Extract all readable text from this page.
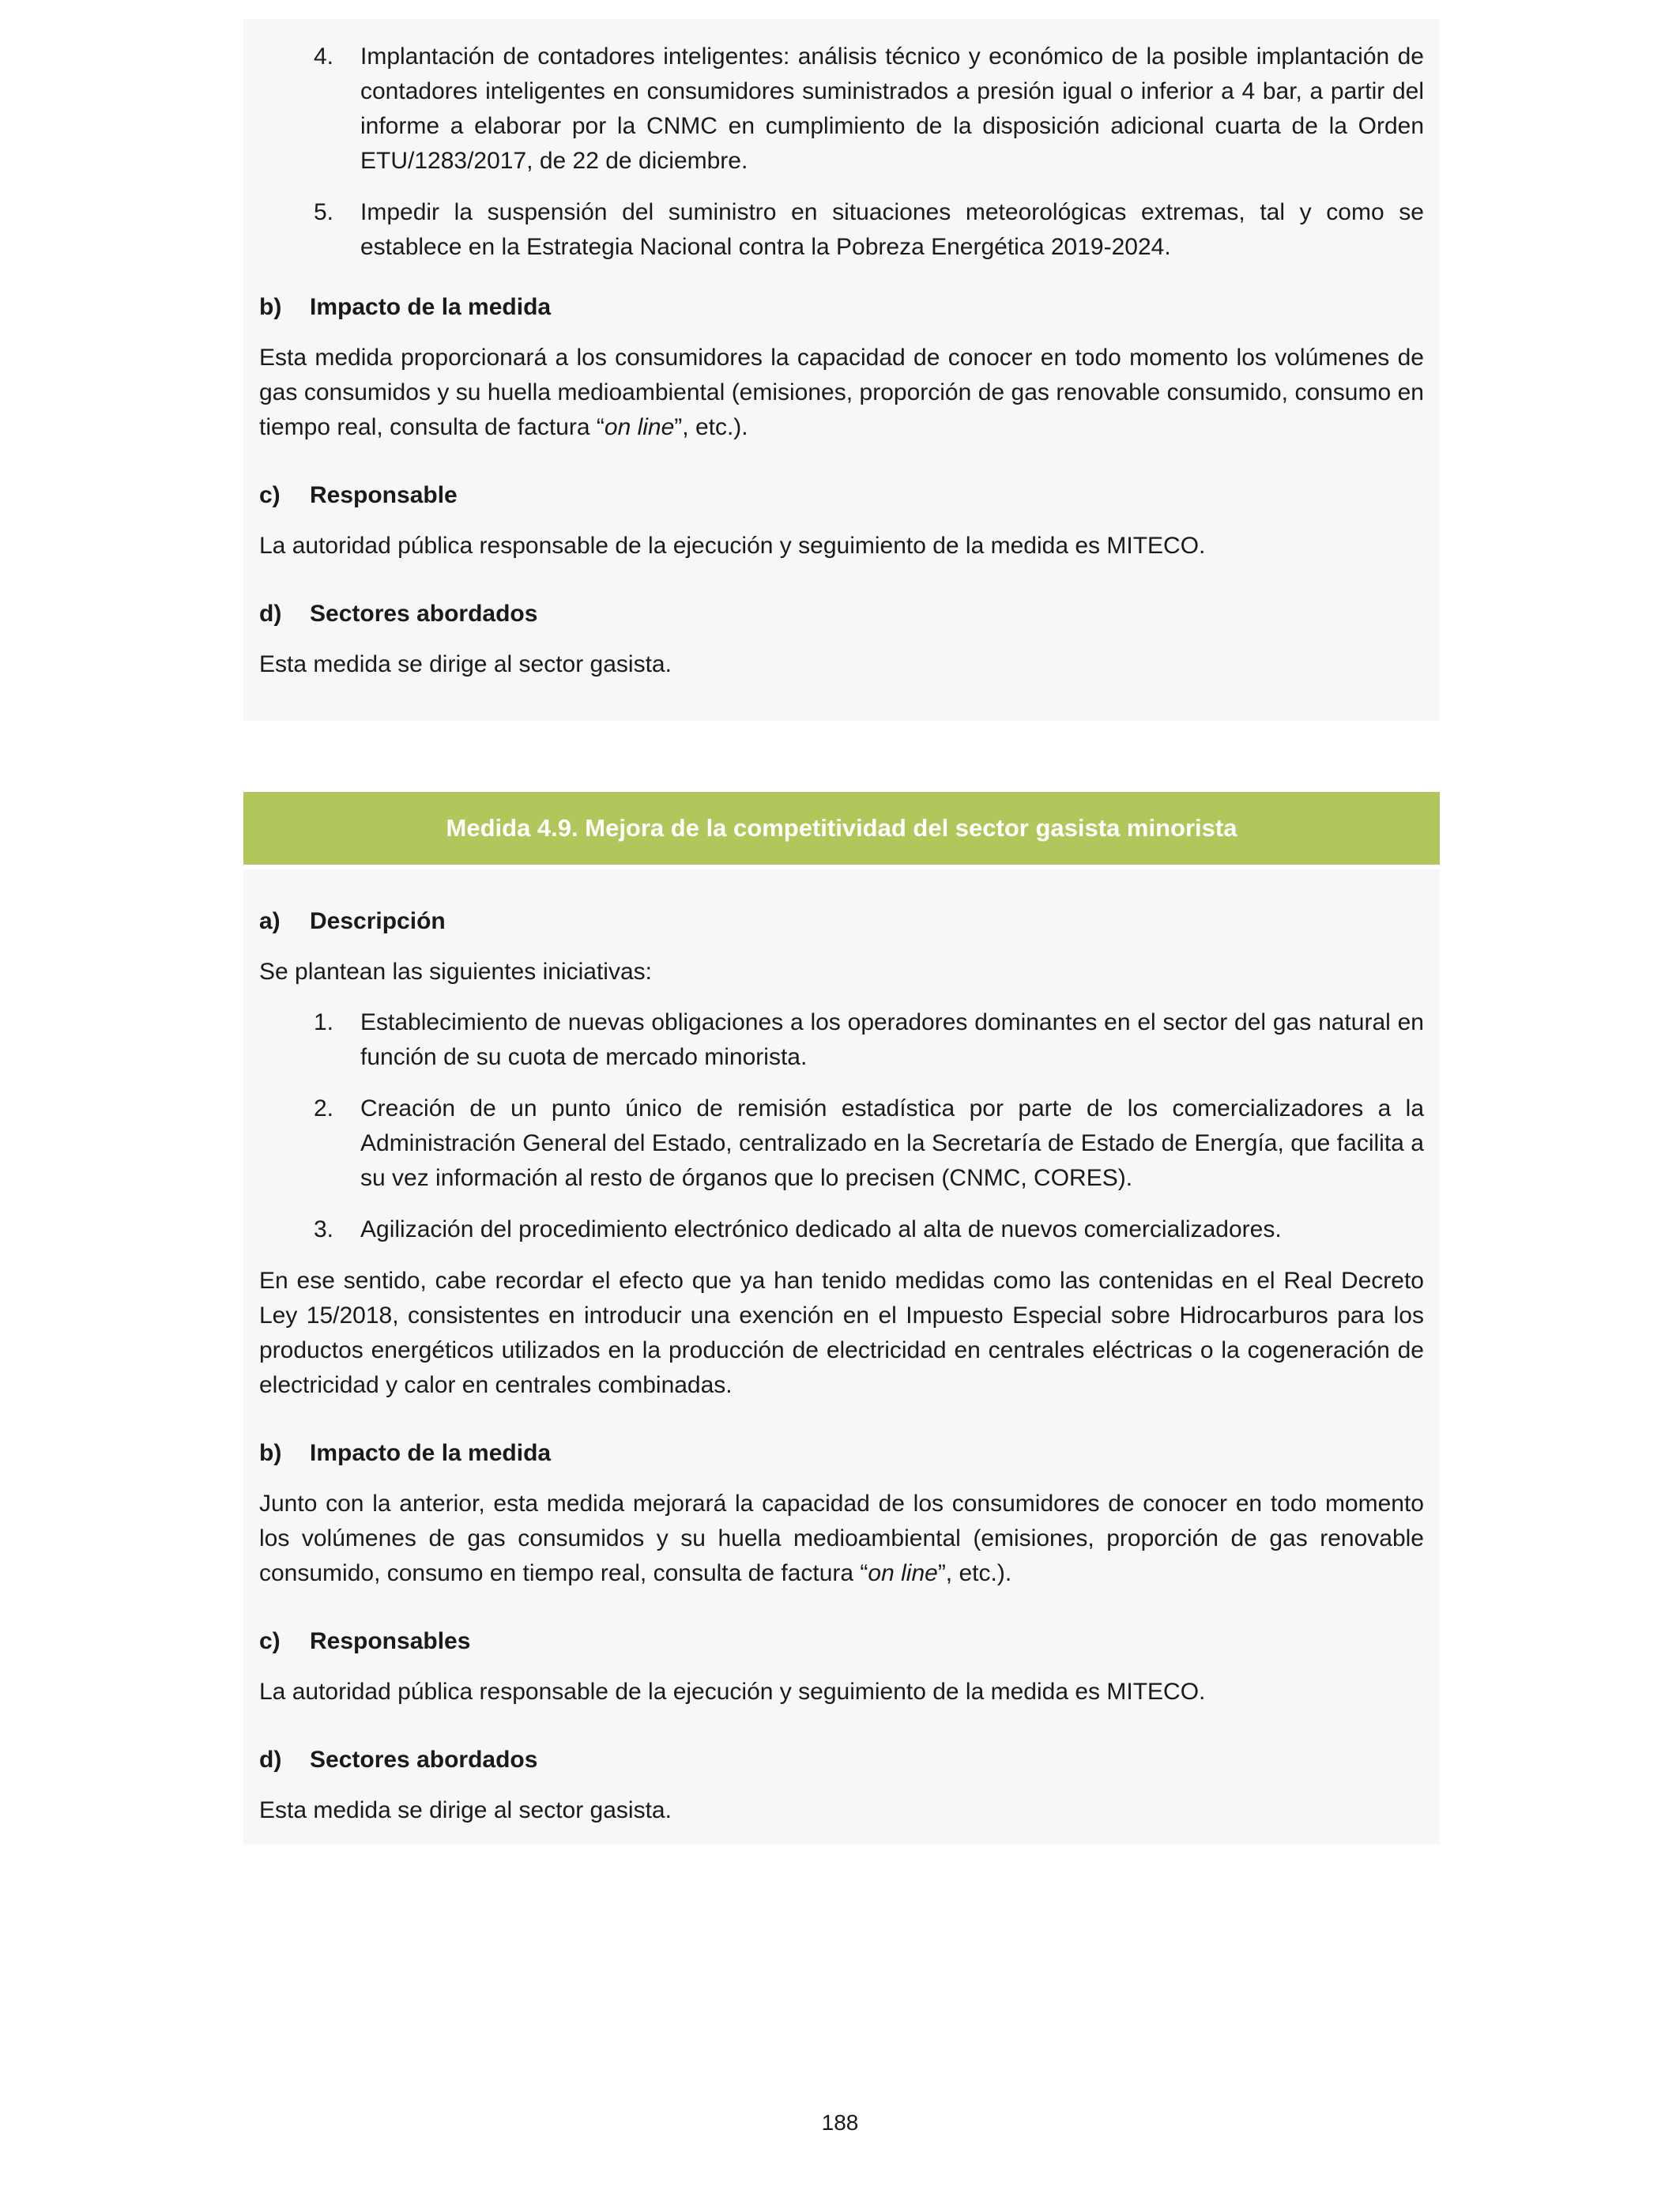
4.	Implantación de contadores inteligentes: análisis técnico y económico de la posible implantación de contadores inteligentes en consumidores suministrados a presión igual o inferior a 4 bar, a partir del informe a elaborar por la CNMC en cumplimiento de la disposición adicional cuarta de la Orden ETU/1283/2017, de 22 de diciembre.
5.	Impedir la suspensión del suministro en situaciones meteorológicas extremas, tal y como se establece en la Estrategia Nacional contra la Pobreza Energética 2019-2024.
b)	Impacto de la medida

Esta medida proporcionará a los consumidores la capacidad de conocer en todo momento los volúmenes de gas consumidos y su huella medioambiental (emisiones, proporción de gas renovable consumido, consumo en tiempo real, consulta de factura “on line”, etc.).

c)	Responsable

La autoridad pública responsable de la ejecución y seguimiento de la medida es MITECO.

d)	Sectores abordados

Esta medida se dirige al sector gasista.

Medida 4.9. Mejora de la competitividad del sector gasista minorista
a)	Descripción

Se plantean las siguientes iniciativas:

1.	Establecimiento de nuevas obligaciones a los operadores dominantes en el sector del gas natural en función de su cuota de mercado minorista.
2.	Creación de un punto único de remisión estadística por parte de los comercializadores a la Administración General del Estado, centralizado en la Secretaría de Estado de Energía, que facilita a su vez información al resto de órganos que lo precisen (CNMC, CORES).
3.	Agilización del procedimiento electrónico dedicado al alta de nuevos comercializadores.

En ese sentido, cabe recordar el efecto que ya han tenido medidas como las contenidas en el Real Decreto Ley 15/2018, consistentes en introducir una exención en el Impuesto Especial sobre Hidrocarburos para los productos energéticos utilizados en la producción de electricidad en centrales eléctricas o la cogeneración de electricidad y calor en centrales combinadas.

b)	Impacto de la medida

Junto con la anterior, esta medida mejorará la capacidad de los consumidores de conocer en todo momento los volúmenes de gas consumidos y su huella medioambiental (emisiones, proporción de gas renovable consumido, consumo en tiempo real, consulta de factura “on line”, etc.).

c)	Responsables

La autoridad pública responsable de la ejecución y seguimiento de la medida es MITECO.

d)	Sectores abordados

Esta medida se dirige al sector gasista.

188
